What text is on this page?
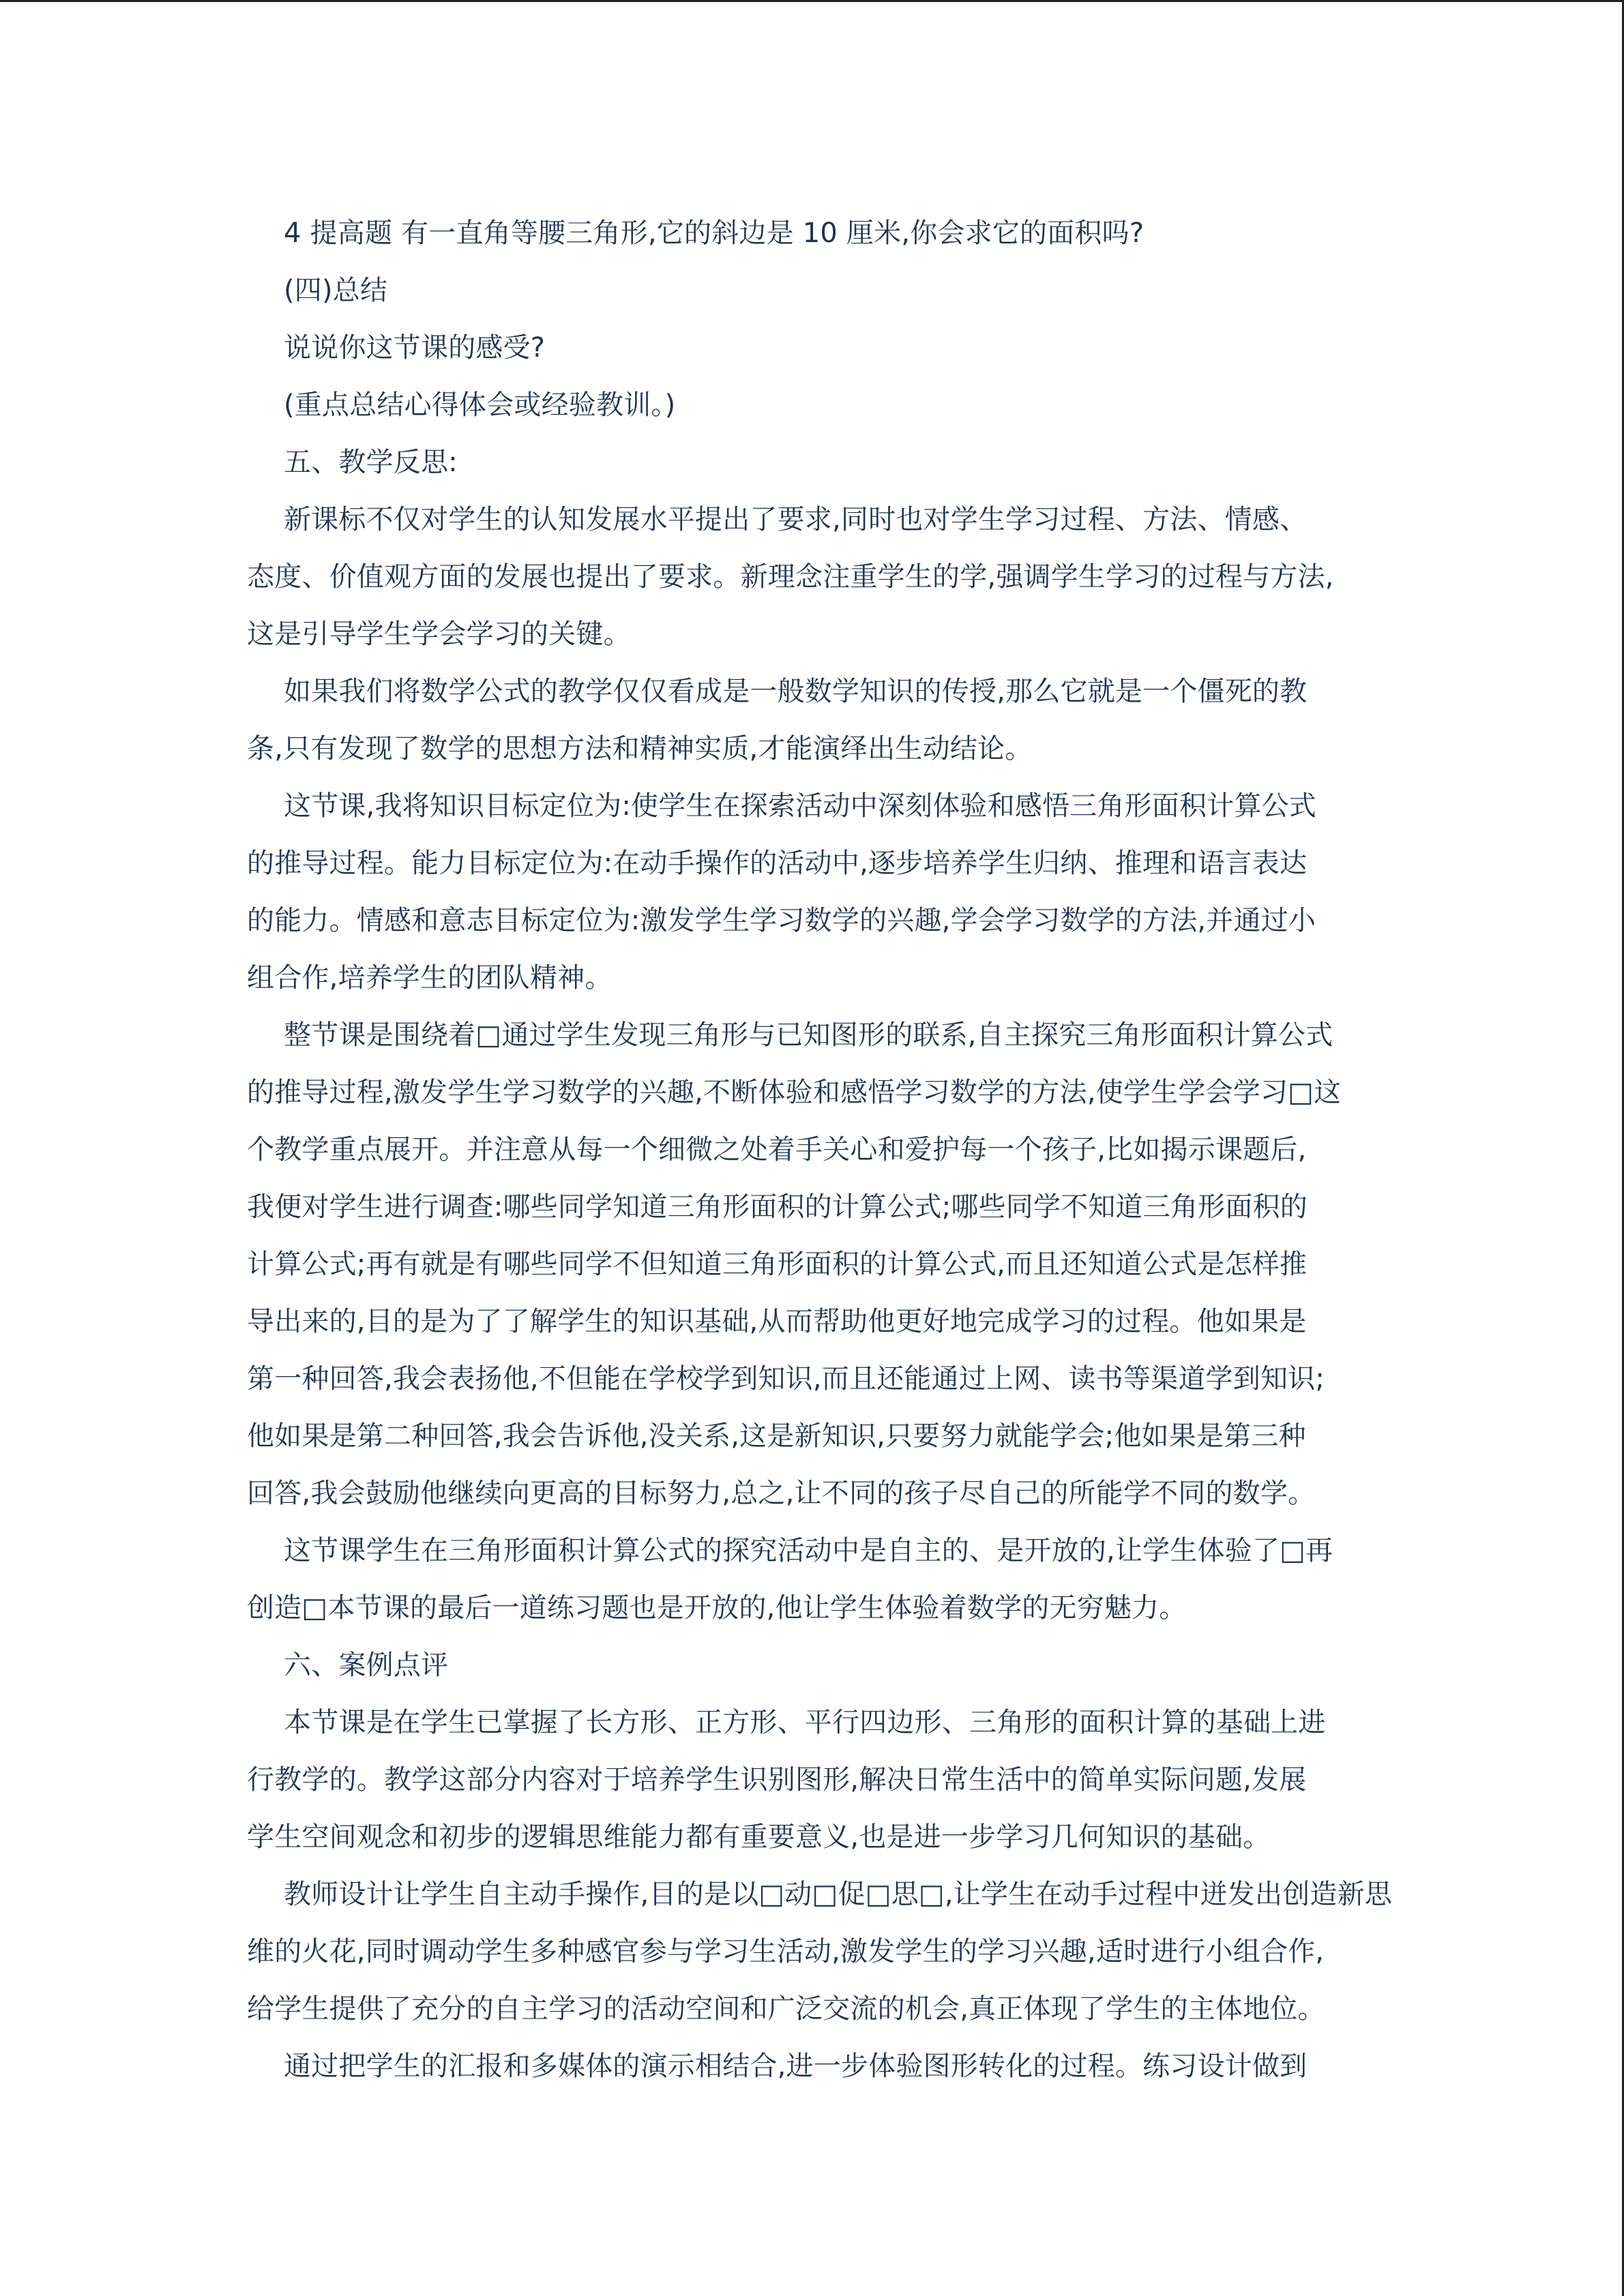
4 提高题 有一直角等腰三角形,它的斜边是 10 厘米,你会求它的面积吗?
(四)总结
说说你这节课的感受?
(重点总结心得体会或经验教训。)
五、教学反思:
新课标不仅对学生的认知发展水平提出了要求,同时也对学生学习过程、方法、情感、
态度、价值观方面的发展也提出了要求。新理念注重学生的学,强调学生学习的过程与方法,
这是引导学生学会学习的关键。
如果我们将数学公式的教学仅仅看成是一般数学知识的传授,那么它就是一个僵死的教
条,只有发现了数学的思想方法和精神实质,才能演绎出生动结论。
这节课,我将知识目标定位为:使学生在探索活动中深刻体验和感悟三角形面积计算公式
的推导过程。能力目标定位为:在动手操作的活动中,逐步培养学生归纳、推理和语言表达
的能力。情感和意志目标定位为:激发学生学习数学的兴趣,学会学习数学的方法,并通过小
组合作,培养学生的团队精神。
整节课是围绕着□通过学生发现三角形与已知图形的联系,自主探究三角形面积计算公式
的推导过程,激发学生学习数学的兴趣,不断体验和感悟学习数学的方法,使学生学会学习□这
个教学重点展开。并注意从每一个细微之处着手关心和爱护每一个孩子,比如揭示课题后,
我便对学生进行调查:哪些同学知道三角形面积的计算公式;哪些同学不知道三角形面积的
计算公式;再有就是有哪些同学不但知道三角形面积的计算公式,而且还知道公式是怎样推
导出来的,目的是为了了解学生的知识基础,从而帮助他更好地完成学习的过程。他如果是
第一种回答,我会表扬他,不但能在学校学到知识,而且还能通过上网、读书等渠道学到知识;
他如果是第二种回答,我会告诉他,没关系,这是新知识,只要努力就能学会;他如果是第三种
回答,我会鼓励他继续向更高的目标努力,总之,让不同的孩子尽自己的所能学不同的数学。
这节课学生在三角形面积计算公式的探究活动中是自主的、是开放的,让学生体验了□再
创造□本节课的最后一道练习题也是开放的,他让学生体验着数学的无穷魅力。
六、案例点评
本节课是在学生已掌握了长方形、正方形、平行四边形、三角形的面积计算的基础上进
行教学的。教学这部分内容对于培养学生识别图形,解决日常生活中的简单实际问题,发展
学生空间观念和初步的逻辑思维能力都有重要意义,也是进一步学习几何知识的基础。
教师设计让学生自主动手操作,目的是以□动□促□思□,让学生在动手过程中迸发出创造新思
维的火花,同时调动学生多种感官参与学习生活动,激发学生的学习兴趣,适时进行小组合作,
给学生提供了充分的自主学习的活动空间和广泛交流的机会,真正体现了学生的主体地位。
通过把学生的汇报和多媒体的演示相结合,进一步体验图形转化的过程。练习设计做到
